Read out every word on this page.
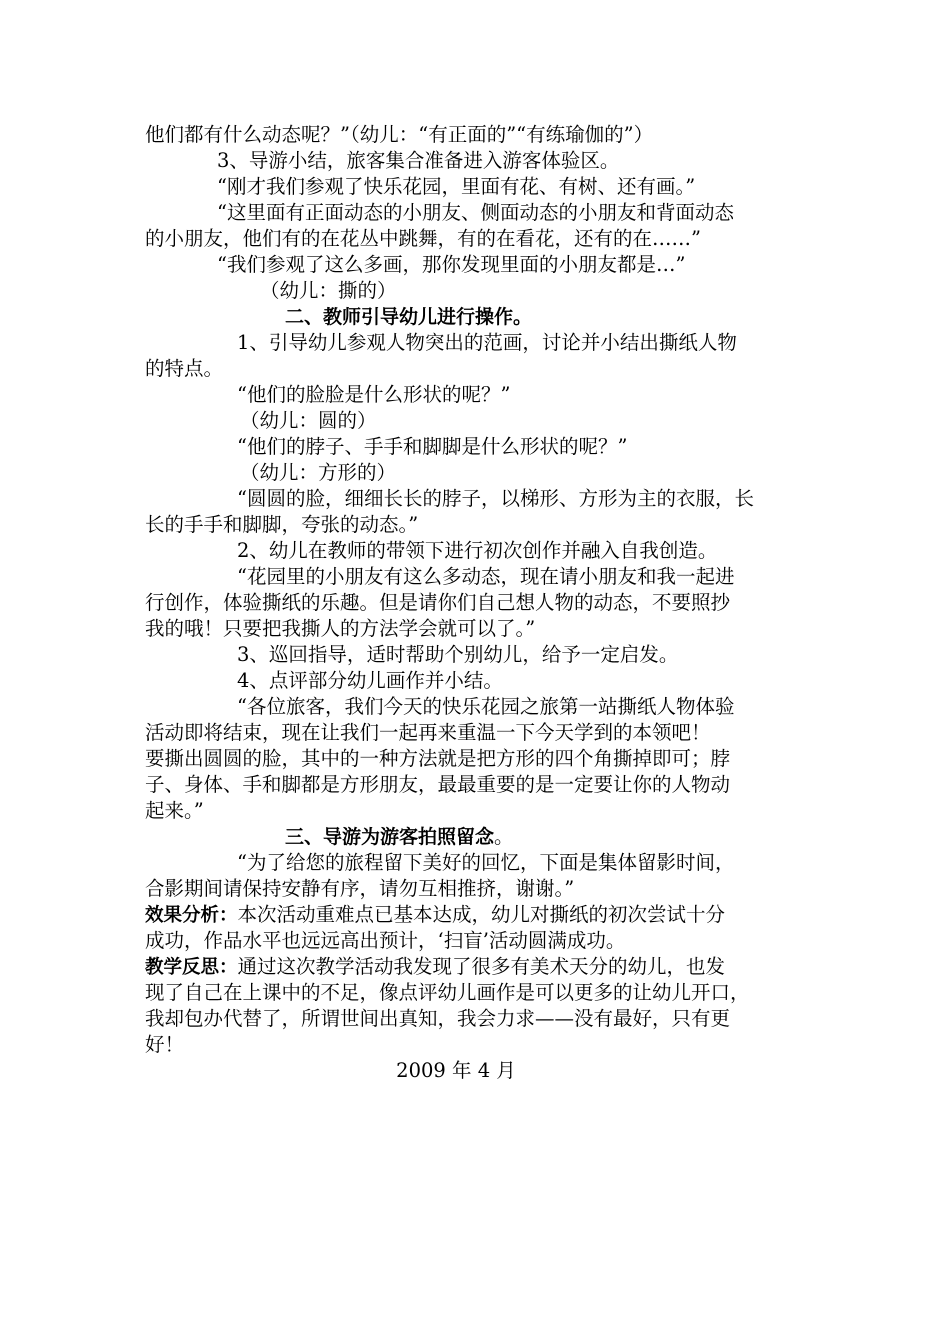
他们都有什么动态呢？”（幼儿：“有正面的”“有练瑜伽的”）
3、导游小结，旅客集合准备进入游客体验区。
“刚才我们参观了快乐花园，里面有花、有树、还有画。”
“这里面有正面动态的小朋友、侧面动态的小朋友和背面动态
的小朋友，他们有的在花丛中跳舞，有的在看花，还有的在……”
“我们参观了这么多画，那你发现里面的小朋友都是…”
（幼儿：撕的）
二、教师引导幼儿进行操作。
1、引导幼儿参观人物突出的范画，讨论并小结出撕纸人物
的特点。
“他们的脸脸是什么形状的呢？”
（幼儿：圆的）
“他们的脖子、手手和脚脚是什么形状的呢？”
（幼儿：方形的）
“圆圆的脸，细细长长的脖子，以梯形、方形为主的衣服，长
长的手手和脚脚，夸张的动态。”
2、幼儿在教师的带领下进行初次创作并融入自我创造。
“花园里的小朋友有这么多动态，现在请小朋友和我一起进
行创作，体验撕纸的乐趣。但是请你们自己想人物的动态，不要照抄
我的哦！只要把我撕人的方法学会就可以了。”
3、巡回指导，适时帮助个别幼儿，给予一定启发。
4、点评部分幼儿画作并小结。
“各位旅客，我们今天的快乐花园之旅第一站撕纸人物体验
活动即将结束，现在让我们一起再来重温一下今天学到的本领吧！
要撕出圆圆的脸，其中的一种方法就是把方形的四个角撕掉即可；脖
子、身体、手和脚都是方形朋友，最最重要的是一定要让你的人物动
起来。”
三、导游为游客拍照留念。
“为了给您的旅程留下美好的回忆，下面是集体留影时间，
合影期间请保持安静有序，请勿互相推挤，谢谢。”
效果分析：本次活动重难点已基本达成，幼儿对撕纸的初次尝试十分
成功，作品水平也远远高出预计，‘扫盲’活动圆满成功。
教学反思：通过这次教学活动我发现了很多有美术天分的幼儿，也发
现了自己在上课中的不足，像点评幼儿画作是可以更多的让幼儿开口，
我却包办代替了，所谓世间出真知，我会力求——没有最好，只有更
好！
2009 年 4 月
